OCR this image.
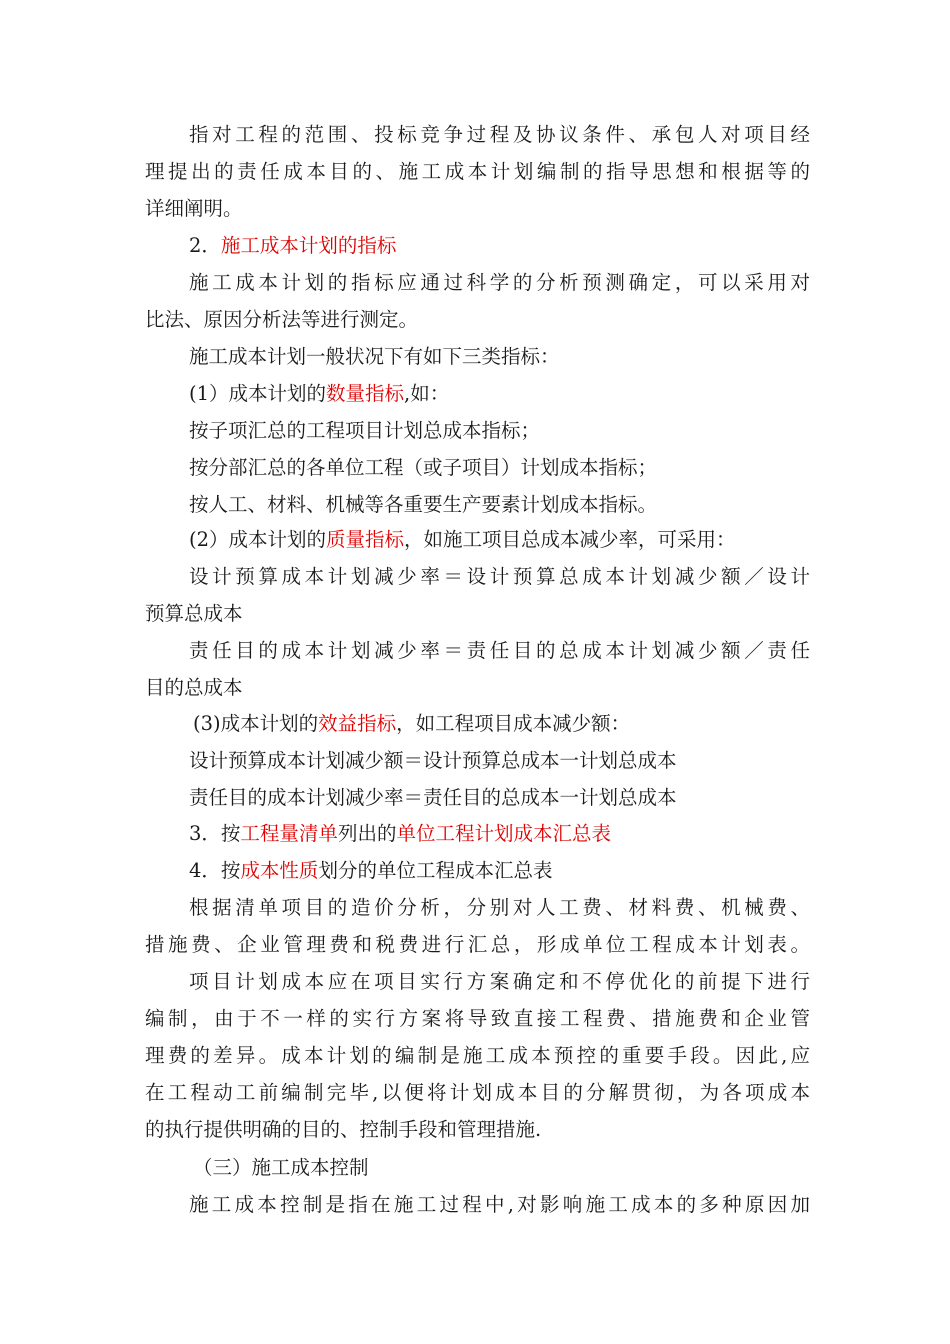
指对工程的范围、投标竞争过程及协议条件、承包人对项目经
理提出的责任成本目的、施工成本计划编制的指导思想和根据等的
详细阐明。
2．施工成本计划的指标
施工成本计划的指标应通过科学的分析预测确定，可以采用对
比法、原因分析法等进行测定。
施工成本计划一般状况下有如下三类指标：
(1）成本计划的数量指标,如：
按子项汇总的工程项目计划总成本指标；
按分部汇总的各单位工程（或子项目）计划成本指标；
按人工、材料、机械等各重要生产要素计划成本指标。
(2）成本计划的质量指标，如施工项目总成本减少率，可采用：
设计预算成本计划减少率＝设计预算总成本计划减少额／设计
预算总成本
责任目的成本计划减少率＝责任目的总成本计划减少额／责任
目的总成本
(3)成本计划的效益指标，如工程项目成本减少额：
设计预算成本计划减少额＝设计预算总成本一计划总成本
责任目的成本计划减少率＝责任目的总成本一计划总成本
3．按工程量清单列出的单位工程计划成本汇总表
4．按成本性质划分的单位工程成本汇总表
根据清单项目的造价分析，分别对人工费、材料费、机械费、
措施费、企业管理费和税费进行汇总，形成单位工程成本计划表。
项目计划成本应在项目实行方案确定和不停优化的前提下进行
编制，由于不一样的实行方案将导致直接工程费、措施费和企业管
理费的差异。成本计划的编制是施工成本预控的重要手段。因此,应
在工程动工前编制完毕,以便将计划成本目的分解贯彻，为各项成本
的执行提供明确的目的、控制手段和管理措施.
（三）施工成本控制
施工成本控制是指在施工过程中,对影响施工成本的多种原因加
